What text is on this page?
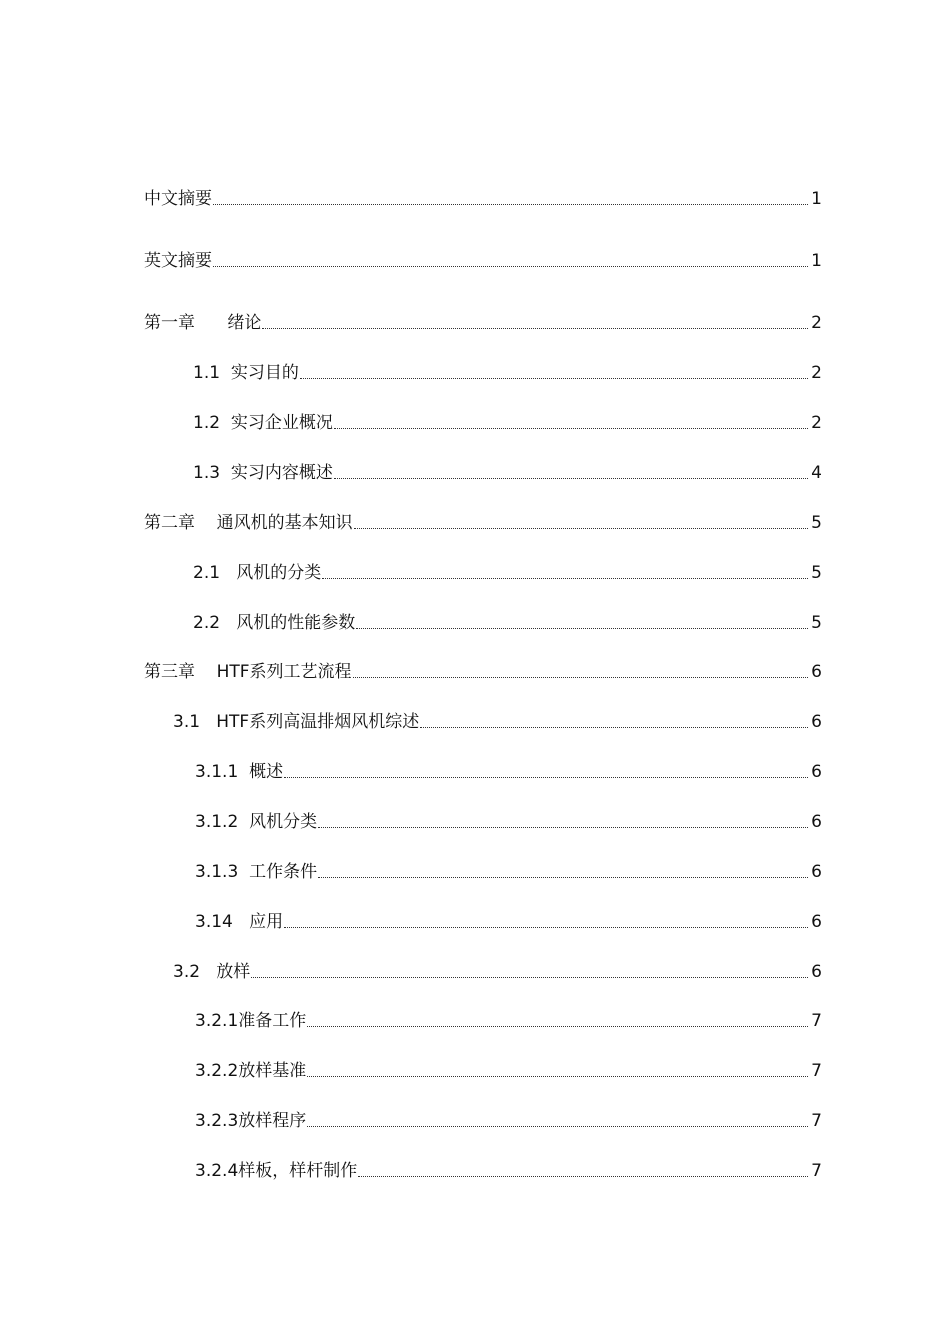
中文摘要	1
英文摘要	1
第一章      绪论	2
1.1  实习目的	2
1.2  实习企业概况	2
1.3  实习内容概述	4
第二章    通风机的基本知识	5
2.1   风机的分类	5
2.2   风机的性能参数	5
第三章    HTF系列工艺流程	6
3.1   HTF系列高温排烟风机综述	6
3.1.1  概述	6
3.1.2  风机分类	6
3.1.3  工作条件	6
3.14   应用	6
3.2   放样	6
3.2.1准备工作	7
3.2.2放样基准	7
3.2.3放样程序	7
3.2.4样板，样杆制作	7
